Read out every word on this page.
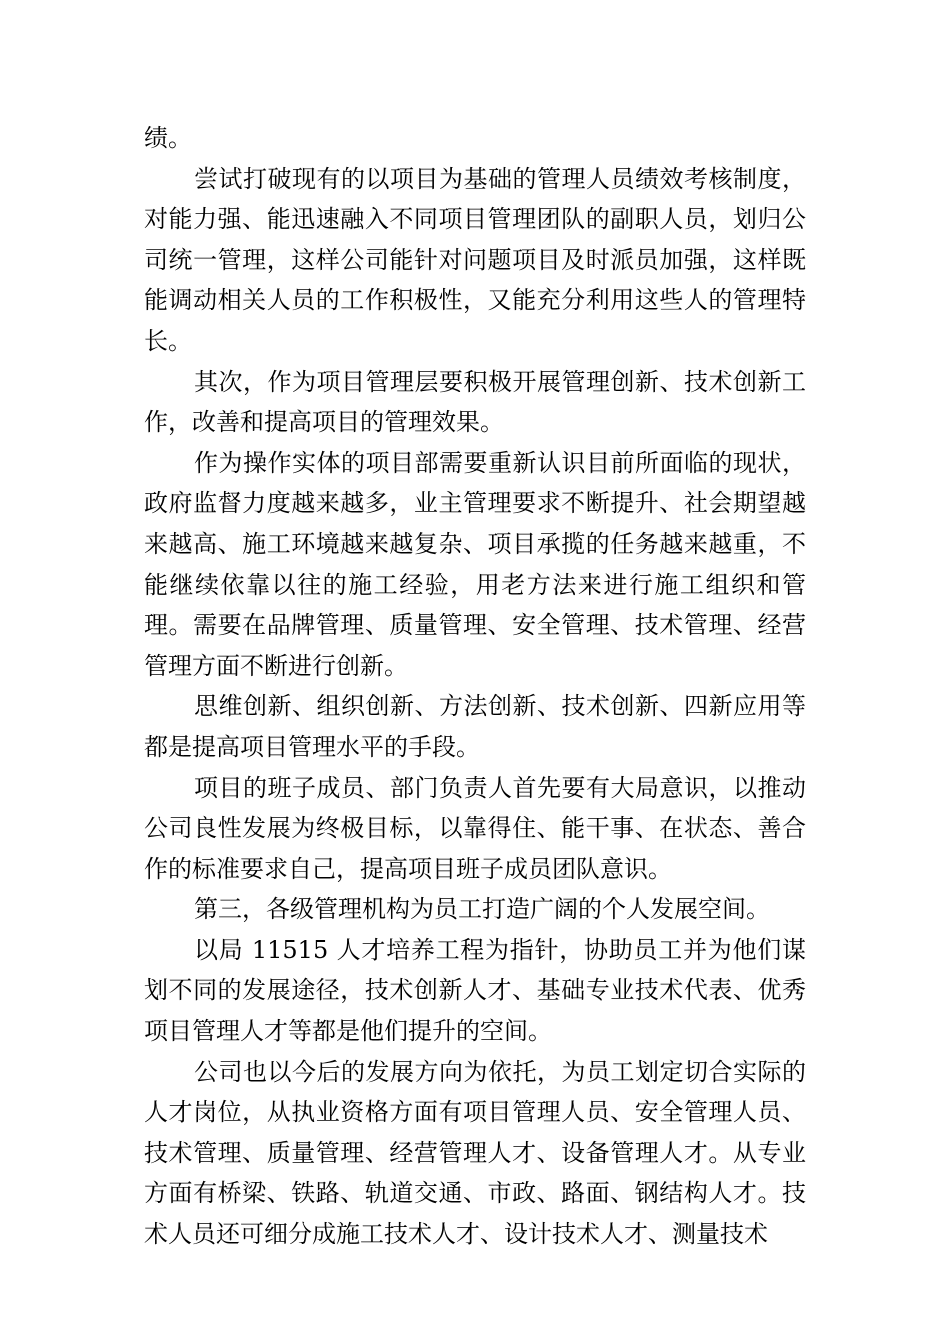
绩。

尝试打破现有的以项目为基础的管理人员绩效考核制度，对能力强、能迅速融入不同项目管理团队的副职人员，划归公司统一管理，这样公司能针对问题项目及时派员加强，这样既能调动相关人员的工作积极性，又能充分利用这些人的管理特长。

其次，作为项目管理层要积极开展管理创新、技术创新工作，改善和提高项目的管理效果。

作为操作实体的项目部需要重新认识目前所面临的现状，政府监督力度越来越多，业主管理要求不断提升、社会期望越来越高、施工环境越来越复杂、项目承揽的任务越来越重，不能继续依靠以往的施工经验，用老方法来进行施工组织和管理。需要在品牌管理、质量管理、安全管理、技术管理、经营管理方面不断进行创新。

思维创新、组织创新、方法创新、技术创新、四新应用等都是提高项目管理水平的手段。

项目的班子成员、部门负责人首先要有大局意识，以推动公司良性发展为终极目标，以靠得住、能干事、在状态、善合作的标准要求自己，提高项目班子成员团队意识。

第三，各级管理机构为员工打造广阔的个人发展空间。

以局 11515 人才培养工程为指针，协助员工并为他们谋划不同的发展途径，技术创新人才、基础专业技术代表、优秀项目管理人才等都是他们提升的空间。

公司也以今后的发展方向为依托，为员工划定切合实际的人才岗位，从执业资格方面有项目管理人员、安全管理人员、技术管理、质量管理、经营管理人才、设备管理人才。从专业方面有桥梁、铁路、轨道交通、市政、路面、钢结构人才。技术人员还可细分成施工技术人才、设计技术人才、测量技术
